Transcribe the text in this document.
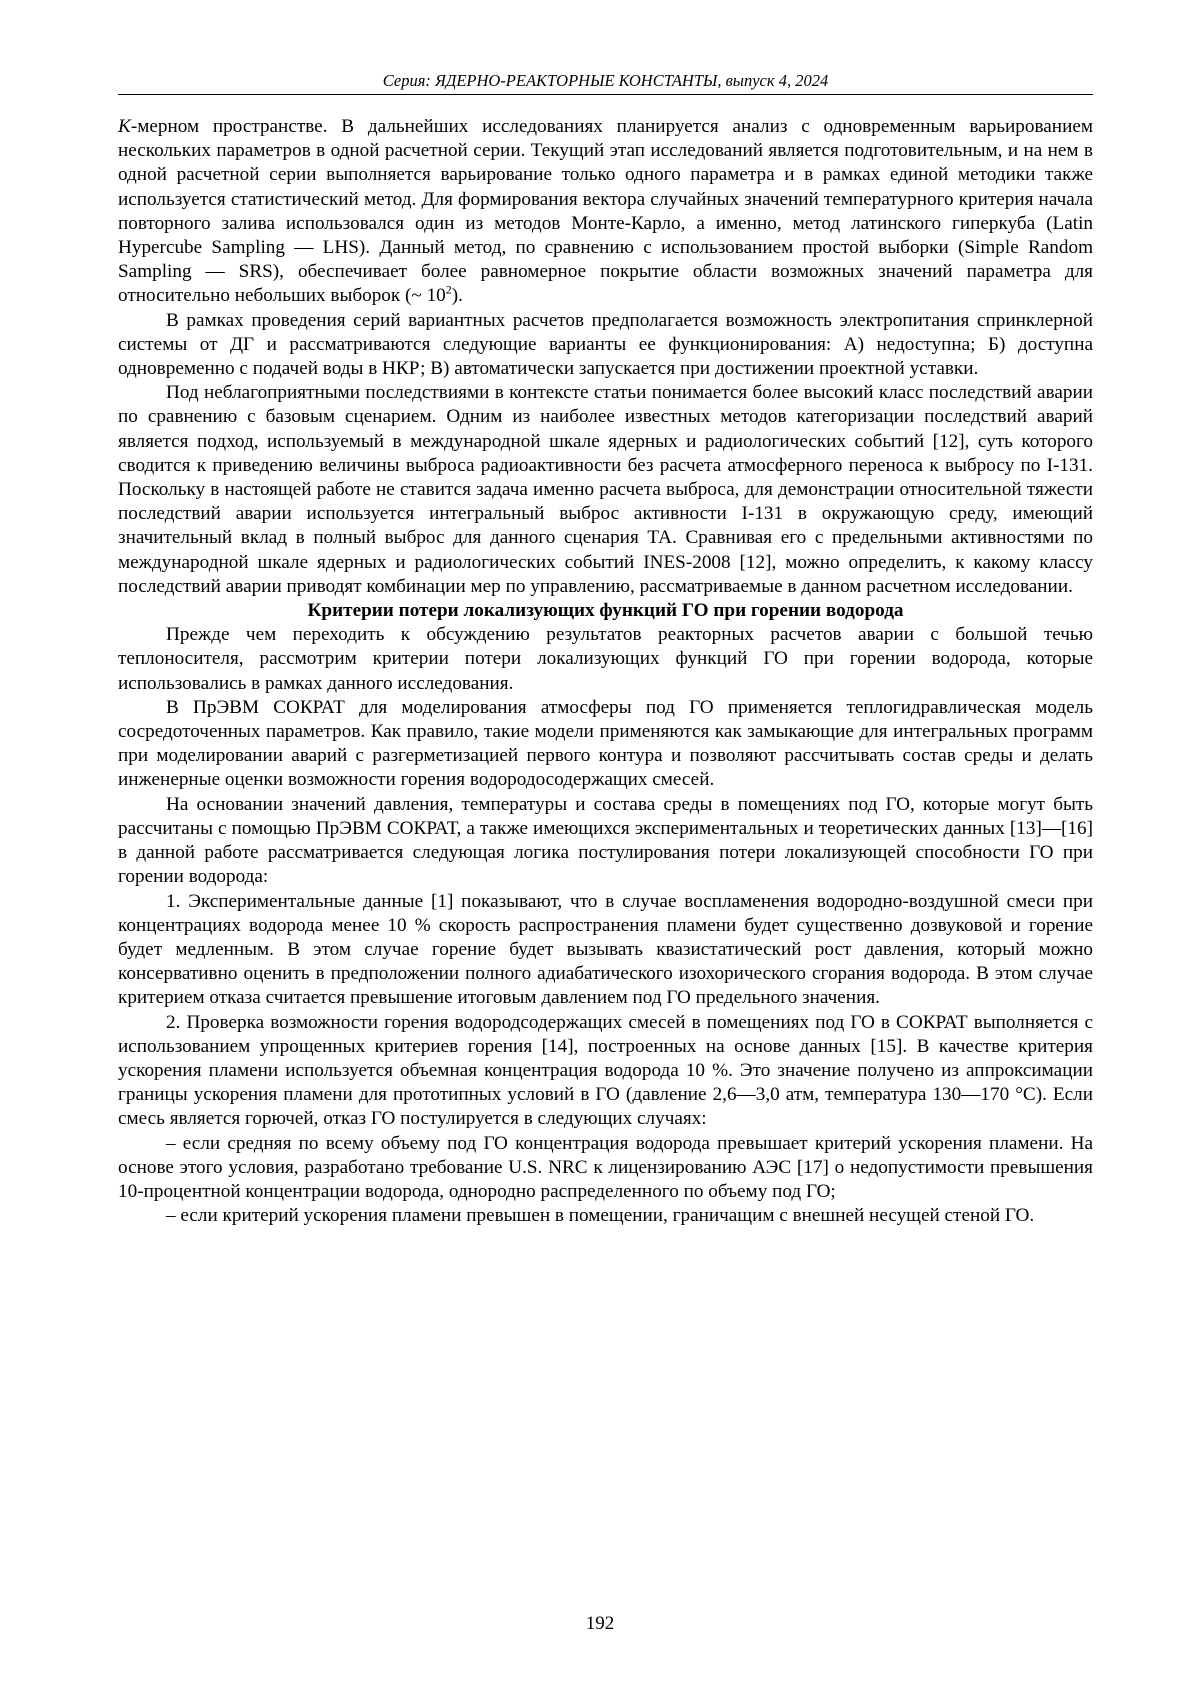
Серия: ЯДЕРНО-РЕАКТОРНЫЕ КОНСТАНТЫ, выпуск 4, 2024

K-мерном пространстве. В дальнейших исследованиях планируется анализ с одновременным варьированием нескольких параметров в одной расчетной серии. Текущий этап исследований является подготовительным, и на нем в одной расчетной серии выполняется варьирование только одного параметра и в рамках единой методики также используется статистический метод. Для формирования вектора случайных значений температурного критерия начала повторного залива использовался один из методов Монте-Карло, а именно, метод латинского гиперкуба (Latin Hypercube Sampling — LHS). Данный метод, по сравнению с использованием простой выборки (Simple Random Sampling — SRS), обеспечивает более равномерное покрытие области возможных значений параметра для относительно небольших выборок (~ $10^2$).

В рамках проведения серий вариантных расчетов предполагается возможность электропитания спринклерной системы от ДГ и рассматриваются следующие варианты ее функционирования: А) недоступна; Б) доступна одновременно с подачей воды в НКР; В) автоматически запускается при достижении проектной уставки.

Под неблагоприятными последствиями в контексте статьи понимается более высокий класс последствий аварии по сравнению с базовым сценарием. Одним из наиболее известных методов категоризации последствий аварий является подход, используемый в международной шкале ядерных и радиологических событий [12], суть которого сводится к приведению величины выброса радиоактивности без расчета атмосферного переноса к выбросу по I-131. Поскольку в настоящей работе не ставится задача именно расчета выброса, для демонстрации относительной тяжести последствий аварии используется интегральный выброс активности I-131 в окружающую среду, имеющий значительный вклад в полный выброс для данного сценария ТА. Сравнивая его с предельными активностями по международной шкале ядерных и радиологических событий INES-2008 [12], можно определить, к какому классу последствий аварии приводят комбинации мер по управлению, рассматриваемые в данном расчетном исследовании.

Критерии потери локализующих функций ГО при горении водорода

Прежде чем переходить к обсуждению результатов реакторных расчетов аварии с большой течью теплоносителя, рассмотрим критерии потери локализующих функций ГО при горении водорода, которые использовались в рамках данного исследования.

В ПрЭВМ СОКРАТ для моделирования атмосферы под ГО применяется теплогидравлическая модель сосредоточенных параметров. Как правило, такие модели применяются как замыкающие для интегральных программ при моделировании аварий с разгерметизацией первого контура и позволяют рассчитывать состав среды и делать инженерные оценки возможности горения водородосодержащих смесей.

На основании значений давления, температуры и состава среды в помещениях под ГО, которые могут быть рассчитаны с помощью ПрЭВМ СОКРАТ, а также имеющихся экспериментальных и теоретических данных [13]—[16] в данной работе рассматривается следующая логика постулирования потери локализующей способности ГО при горении водорода:

1. Экспериментальные данные [1] показывают, что в случае воспламенения водородно-воздушной смеси при концентрациях водорода менее 10 % скорость распространения пламени будет существенно дозвуковой и горение будет медленным. В этом случае горение будет вызывать квазистатический рост давления, который можно консервативно оценить в предположении полного адиабатического изохорического сгорания водорода. В этом случае критерием отказа считается превышение итоговым давлением под ГО предельного значения.

2. Проверка возможности горения водородсодержащих смесей в помещениях под ГО в СОКРАТ выполняется с использованием упрощенных критериев горения [14], построенных на основе данных [15]. В качестве критерия ускорения пламени используется объемная концентрация водорода 10 %. Это значение получено из аппроксимации границы ускорения пламени для прототипных условий в ГО (давление 2,6—3,0 атм, температура 130—170 °С). Если смесь является горючей, отказ ГО постулируется в следующих случаях:

– если средняя по всему объему под ГО концентрация водорода превышает критерий ускорения пламени. На основе этого условия, разработано требование U.S. NRC к лицензированию АЭС [17] о недопустимости превышения 10-процентной концентрации водорода, однородно распределенного по объему под ГО;

– если критерий ускорения пламени превышен в помещении, граничащим с внешней несущей стеной ГО.

192
